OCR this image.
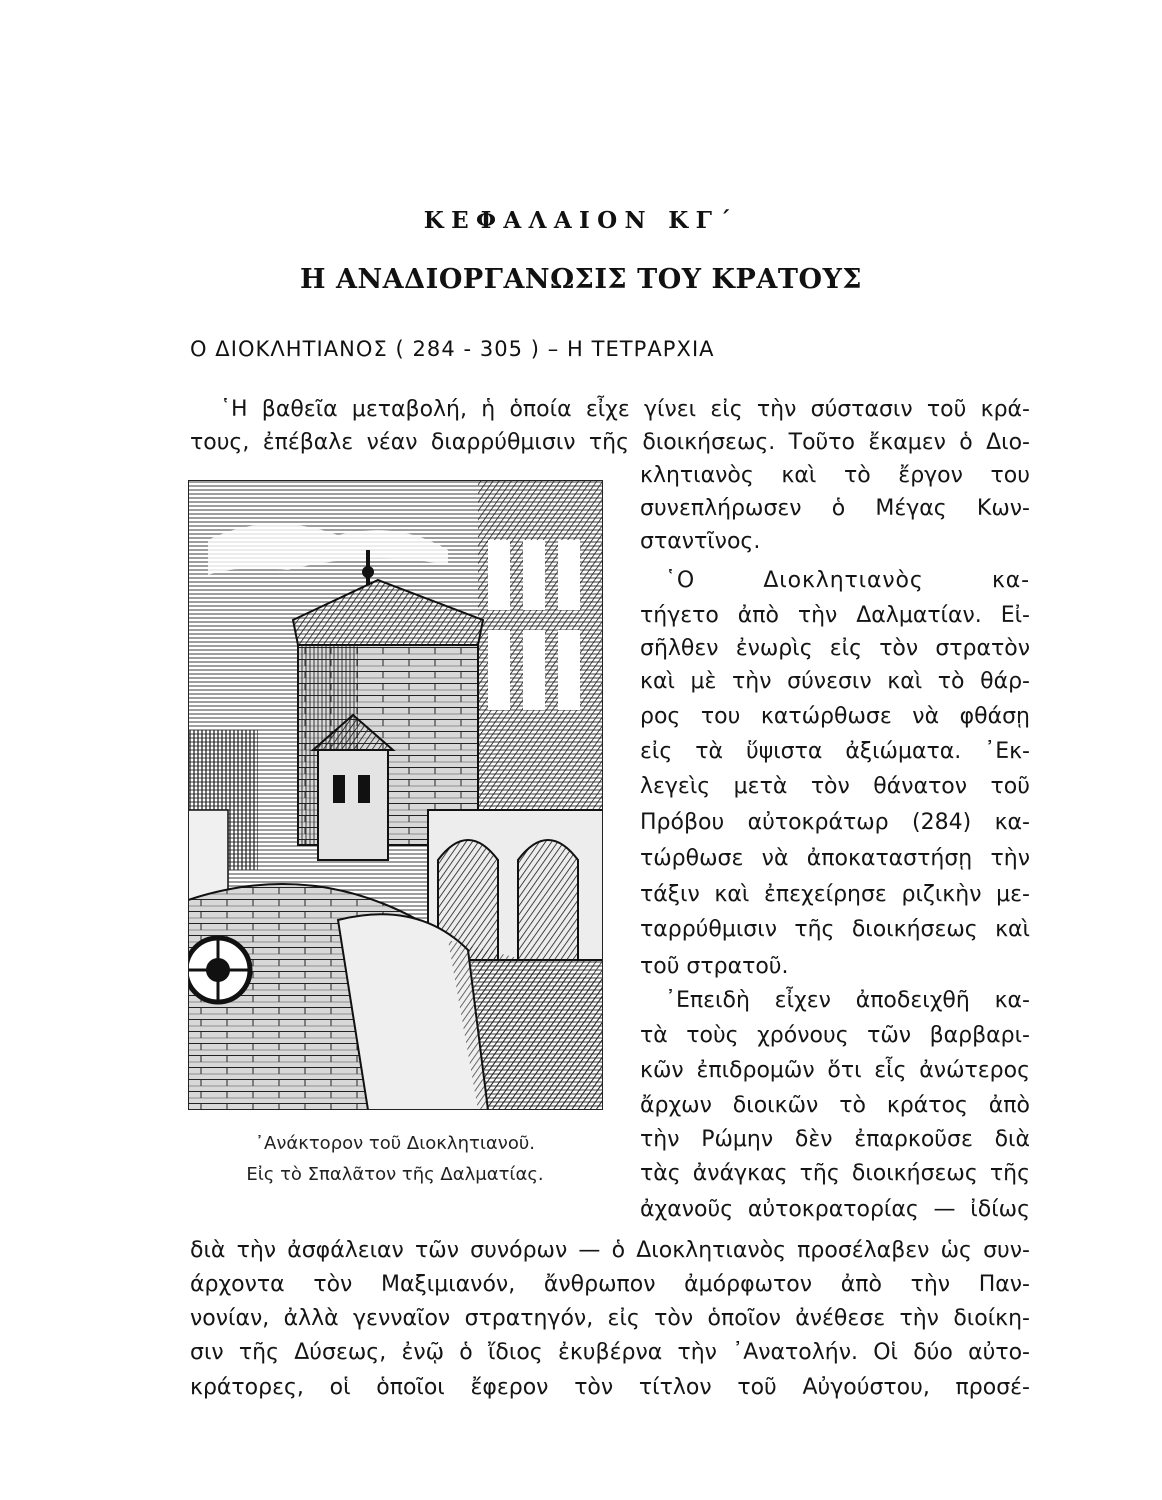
ΚΕΦΑΛΑΙΟΝ ΚΓ΄
Η ΑΝΑΔΙΟΡΓΑΝΩΣΙΣ ΤΟΥ ΚΡΑΤΟΥΣ
Ο ΔΙΟΚΛΗΤΙΑΝΟΣ ( 284 - 305 ) – Η ΤΕΤΡΑΡΧΙΑ
῾Η βαθεῖα μεταβολή, ἡ ὁποία εἶχε γίνει εἰς τὴν σύστασιν τοῦ κρά-
τους, ἐπέβαλε νέαν διαρρύθμισιν τῆς διοικήσεως. Τοῦτο ἔκαμεν ὁ Διο-
κλητιανὸς καὶ τὸ ἔργον του
συνεπλήρωσεν ὁ Μέγας Κων-
σταντῖνος.
῾Ο Διοκλητιανὸς κα-
τήγετο ἀπὸ τὴν Δαλματίαν. Εἰ-
σῆλθεν ἐνωρὶς εἰς τὸν στρατὸν
καὶ μὲ τὴν σύνεσιν καὶ τὸ θάρ-
ρος του κατώρθωσε νὰ φθάσῃ
εἰς τὰ ὕψιστα ἀξιώματα. ᾿Εκ-
λεγεὶς μετὰ τὸν θάνατον τοῦ
Πρόβου αὐτοκράτωρ (284) κα-
τώρθωσε νὰ ἀποκαταστήσῃ τὴν
τάξιν καὶ ἐπεχείρησε ριζικὴν με-
ταρρύθμισιν τῆς διοικήσεως καὶ
τοῦ στρατοῦ.
᾿Επειδὴ εἶχεν ἀποδειχθῆ κα-
τὰ τοὺς χρόνους τῶν βαρβαρι-
κῶν ἐπιδρομῶν ὅτι εἷς ἀνώτερος
ἄρχων διοικῶν τὸ κράτος ἀπὸ
τὴν Ρώμην δὲν ἐπαρκοῦσε διὰ
τὰς ἀνάγκας τῆς διοικήσεως τῆς
ἀχανοῦς αὐτοκρατορίας — ἰδίως
διὰ τὴν ἀσφάλειαν τῶν συνόρων — ὁ Διοκλητιανὸς προσέλαβεν ὡς συν-
άρχοντα τὸν Μαξιμιανόν, ἄνθρωπον ἀμόρφωτον ἀπὸ τὴν Παν-
νονίαν, ἀλλὰ γενναῖον στρατηγόν, εἰς τὸν ὁποῖον ἀνέθεσε τὴν διοίκη-
σιν τῆς Δύσεως, ἐνῷ ὁ ἴδιος ἐκυβέρνα τὴν ᾿Ανατολήν. Οἱ δύο αὐτο-
κράτορες, οἱ ὁποῖοι ἔφερον τὸν τίτλον τοῦ Αὐγούστου, προσέ-
᾿Ανάκτορον τοῦ Διοκλητιανοῦ.
Εἰς τὸ Σπαλᾶτον τῆς Δαλματίας.
